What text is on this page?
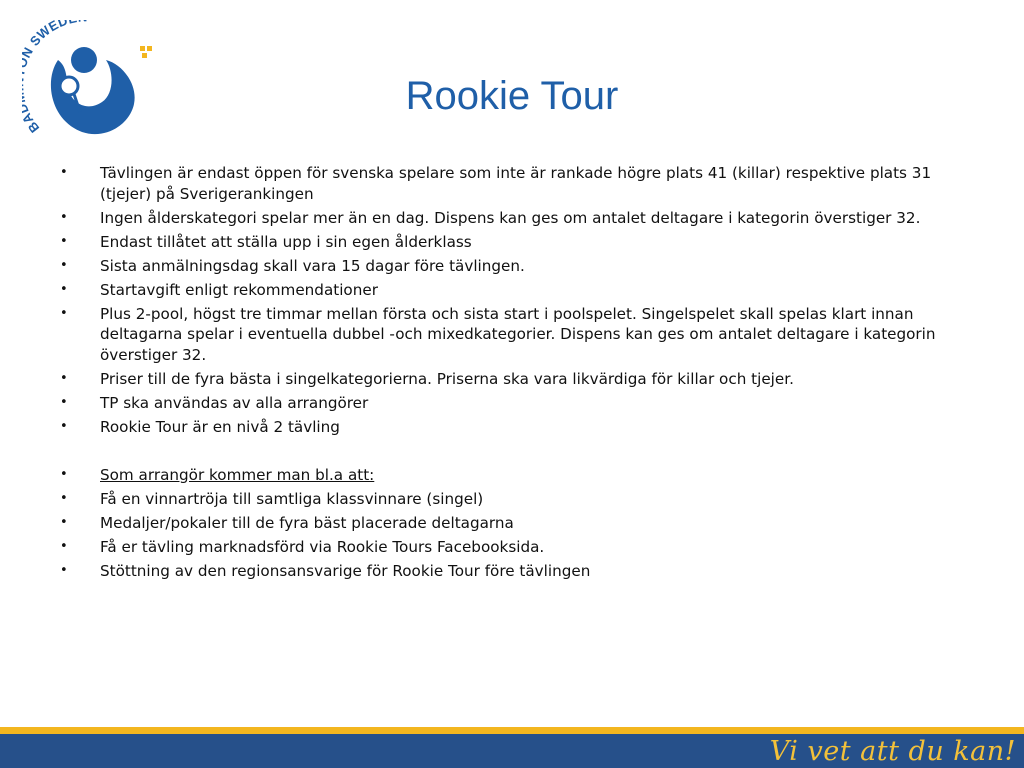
B SWED
Rookie Tour
•	Tävlingen är endast öppen för svenska spelare som inte är rankade högre plats 41 (killar) respektive plats 31 (tjejer) på Sverigerankingen
•	Ingen ålderskategori spelar mer än en dag. Dispens kan ges om antalet deltagare i kategorin överstiger 32.
•	Endast tillåtet att ställa upp i sin egen ålderklass
•	Sista anmälningsdag skall vara 15 dagar före tävlingen.
•	Startavgift enligt rekommendationer
•	Plus 2-pool, högst tre timmar mellan första och sista start i poolspelet. Singelspelet skall spelas klart innan deltagarna spelar i eventuella dubbel -och mixedkategorier. Dispens kan ges om antalet deltagare i kategorin överstiger 32.
•	Priser till de fyra bästa i singelkategorierna. Priserna ska vara likvärdiga för killar och tjejer.
•	TP ska användas av alla arrangörer
•	Rookie Tour är en nivå 2 tävling
•	Som arrangör kommer man bl.a att:
•	Få en vinnartröja till samtliga klassvinnare (singel)
•	Medaljer/pokaler till de fyra bäst placerade deltagarna
•	Få er tävling marknadsförd via Rookie Tours Facebooksida.
•	Stöttning av den regionsansvarige för Rookie Tour före tävlingen
Vi vet att du kan!
